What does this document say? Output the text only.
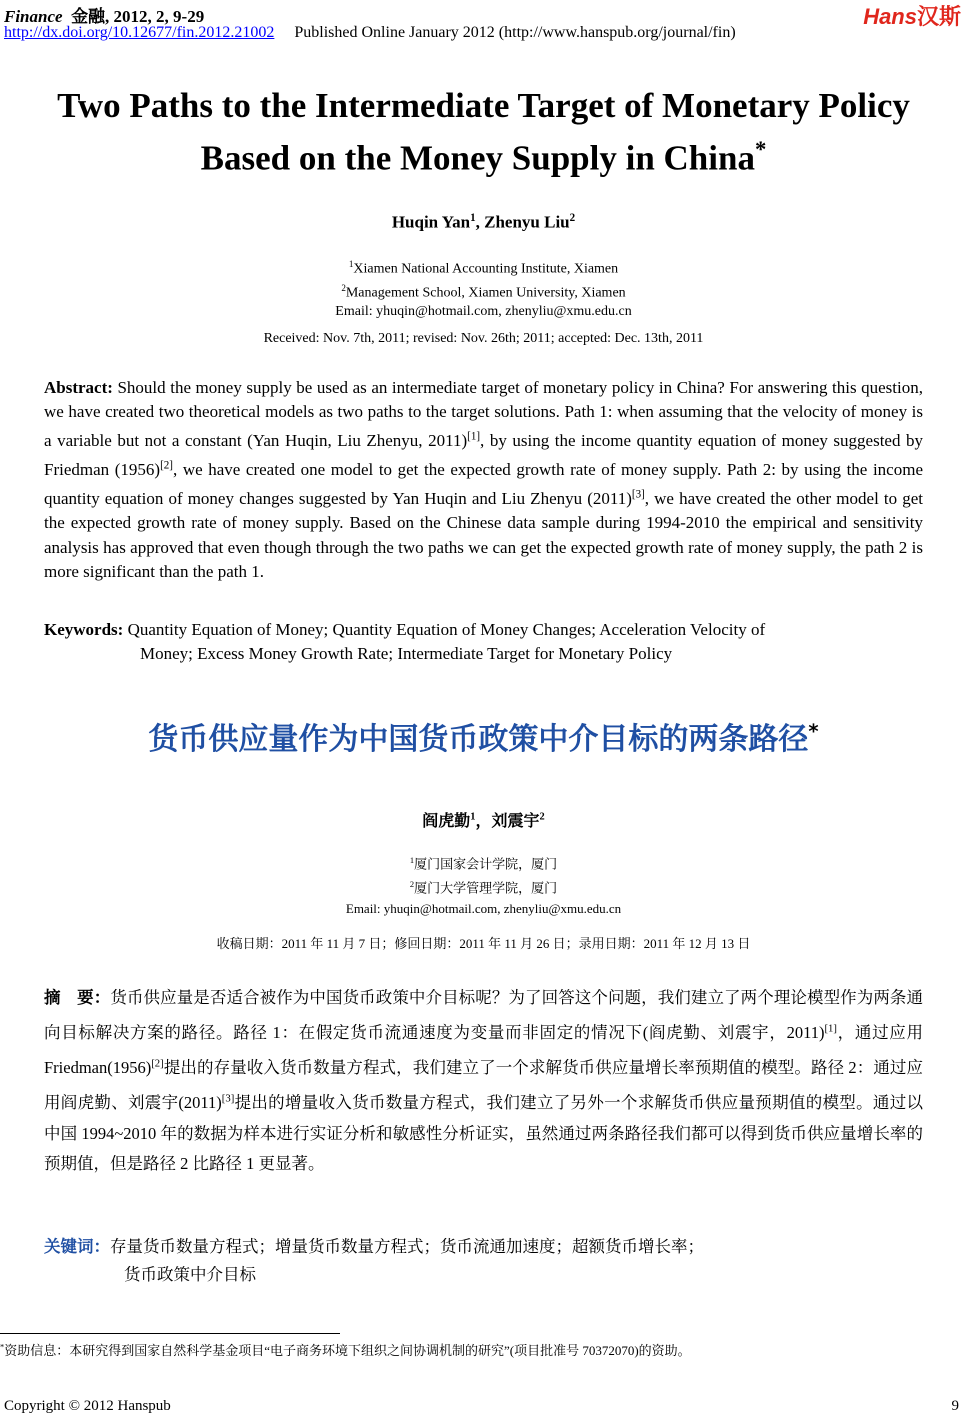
Finance 金融, 2012, 2, 9-29
http://dx.doi.org/10.12677/fin.2012.21002 Published Online January 2012 (http://www.hanspub.org/journal/fin)
Hans汉斯
Two Paths to the Intermediate Target of Monetary Policy
Based on the Money Supply in China*
Huqin Yan$^1$, Zhenyu Liu$^2$
$^1$Xiamen National Accounting Institute, Xiamen
$^2$Management School, Xiamen University, Xiamen
Email: yhuqin@hotmail.com, zhenyliu@xmu.edu.cn
Received: Nov. 7th, 2011; revised: Nov. 26th; 2011; accepted: Dec. 13th, 2011
Abstract: Should the money supply be used as an intermediate target of monetary policy in China? For answering this question, we have created two theoretical models as two paths to the target solutions. Path 1: when assuming that the velocity of money is a variable but not a constant (Yan Huqin, Liu Zhenyu, 2011)[1], by using the income quantity equation of money suggested by Friedman (1956)[2], we have created one model to get the expected growth rate of money supply. Path 2: by using the income quantity equation of money changes suggested by Yan Huqin and Liu Zhenyu (2011)[3], we have created the other model to get the expected growth rate of money supply. Based on the Chinese data sample during 1994-2010 the empirical and sensitivity analysis has approved that even though through the two paths we can get the expected growth rate of money supply, the path 2 is more significant than the path 1.
Keywords: Quantity Equation of Money; Quantity Equation of Money Changes; Acceleration Velocity of
Money; Excess Money Growth Rate; Intermediate Target for Monetary Policy
货币供应量作为中国货币政策中介目标的两条路径*
阎虎勤$^1$，刘震宇$^2$
$^1$厦门国家会计学院，厦门
$^2$厦门大学管理学院，厦门
Email: yhuqin@hotmail.com, zhenyliu@xmu.edu.cn
收稿日期：2011 年 11 月 7 日；修回日期：2011 年 11 月 26 日；录用日期：2011 年 12 月 13 日
摘　要：货币供应量是否适合被作为中国货币政策中介目标呢？为了回答这个问题，我们建立了两个理论模型作为两条通向目标解决方案的路径。路径 1：在假定货币流通速度为变量而非固定的情况下(阎虎勤、刘震宇，2011)[1]，通过应用 Friedman(1956)[2]提出的存量收入货币数量方程式，我们建立了一个求解货币供应量增长率预期值的模型。路径 2：通过应用阎虎勤、刘震宇(2011)[3]提出的增量收入货币数量方程式，我们建立了另外一个求解货币供应量预期值的模型。通过以中国 1994~2010 年的数据为样本进行实证分析和敏感性分析证实，虽然通过两条路径我们都可以得到货币供应量增长率的预期值，但是路径 2 比路径 1 更显著。
关键词：存量货币数量方程式；增量货币数量方程式；货币流通加速度；超额货币增长率；
货币政策中介目标
*资助信息：本研究得到国家自然科学基金项目“电子商务环境下组织之间协调机制的研究”(项目批准号 70372070)的资助。
Copyright © 2012 Hanspub	9
